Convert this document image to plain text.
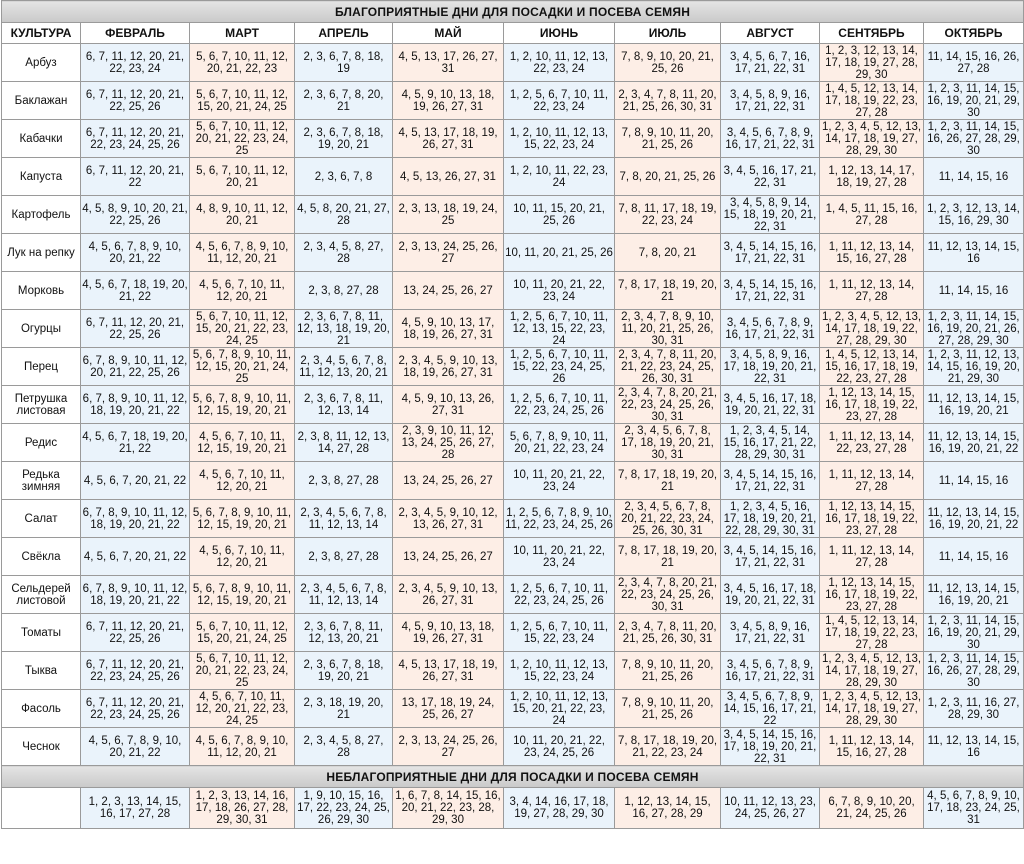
БЛАГОПРИЯТНЫЕ ДНИ ДЛЯ ПОСАДКИ И ПОСЕВА СЕМЯН									
КУЛЬТУРА	ФЕВРАЛЬ	МАРТ	АПРЕЛЬ	МАЙ	ИЮНЬ	ИЮЛЬ	АВГУСТ	СЕНТЯБРЬ	ОКТЯБРЬ
Арбуз	6, 7, 11, 12, 20, 21, 22, 23, 24	5, 6, 7, 10, 11, 12, 20, 21, 22, 23	2, 3, 6, 7, 8, 18, 19	4, 5, 13, 17, 26, 27, 31	1, 2, 10, 11, 12, 13, 22, 23, 24	7, 8, 9, 10, 20, 21, 25, 26	3, 4, 5, 6, 7, 16, 17, 21, 22, 31	1, 2, 3, 12, 13, 14, 17, 18, 19, 27, 28, 29, 30	11, 14, 15, 16, 26, 27, 28
Баклажан	6, 7, 11, 12, 20, 21, 22, 25, 26	5, 6, 7, 10, 11, 12, 15, 20, 21, 24, 25	2, 3, 6, 7, 8, 20, 21	4, 5, 9, 10, 13, 18, 19, 26, 27, 31	1, 2, 5, 6, 7, 10, 11, 22, 23, 24	2, 3, 4, 7, 8, 11, 20, 21, 25, 26, 30, 31	3, 4, 5, 8, 9, 16, 17, 21, 22, 31	1, 4, 5, 12, 13, 14, 17, 18, 19, 22, 23, 27, 28	1, 2, 3, 11, 14, 15, 16, 19, 20, 21, 29, 30
Кабачки	6, 7, 11, 12, 20, 21, 22, 23, 24, 25, 26	5, 6, 7, 10, 11, 12, 20, 21, 22, 23, 24, 25	2, 3, 6, 7, 8, 18, 19, 20, 21	4, 5, 13, 17, 18, 19, 26, 27, 31	1, 2, 10, 11, 12, 13, 15, 22, 23, 24	7, 8, 9, 10, 11, 20, 21, 25, 26	3, 4, 5, 6, 7, 8, 9, 16, 17, 21, 22, 31	1, 2, 3, 4, 5, 12, 13, 14, 17, 18, 19, 27, 28, 29, 30	1, 2, 3, 11, 14, 15, 16, 26, 27, 28, 29, 30
Капуста	6, 7, 11, 12, 20, 21, 22	5, 6, 7, 10, 11, 12, 20, 21	2, 3, 6, 7, 8	4, 5, 13, 26, 27, 31	1, 2, 10, 11, 22, 23, 24	7, 8, 20, 21, 25, 26	3, 4, 5, 16, 17, 21, 22, 31	1, 12, 13, 14, 17, 18, 19, 27, 28	11, 14, 15, 16
Картофель	4, 5, 8, 9, 10, 20, 21, 22, 25, 26	4, 8, 9, 10, 11, 12, 20, 21	4, 5, 8, 20, 21, 27, 28	2, 3, 13, 18, 19, 24, 25	10, 11, 15, 20, 21, 25, 26	7, 8, 11, 17, 18, 19, 22, 23, 24	3, 4, 5, 8, 9, 14, 15, 18, 19, 20, 21, 22, 31	1, 4, 5, 11, 15, 16, 27, 28	1, 2, 3, 12, 13, 14, 15, 16, 29, 30
Лук на репку	4, 5, 6, 7, 8, 9, 10, 20, 21, 22	4, 5, 6, 7, 8, 9, 10, 11, 12, 20, 21	2, 3, 4, 5, 8, 27, 28	2, 3, 13, 24, 25, 26, 27	10, 11, 20, 21, 25, 26	7, 8, 20, 21	3, 4, 5, 14, 15, 16, 17, 21, 22, 31	1, 11, 12, 13, 14, 15, 16, 27, 28	11, 12, 13, 14, 15, 16
Морковь	4, 5, 6, 7, 18, 19, 20, 21, 22	4, 5, 6, 7, 10, 11, 12, 20, 21	2, 3, 8, 27, 28	13, 24, 25, 26, 27	10, 11, 20, 21, 22, 23, 24	7, 8, 17, 18, 19, 20, 21	3, 4, 5, 14, 15, 16, 17, 21, 22, 31	1, 11, 12, 13, 14, 27, 28	11, 14, 15, 16
Огурцы	6, 7, 11, 12, 20, 21, 22, 25, 26	5, 6, 7, 10, 11, 12, 15, 20, 21, 22, 23, 24, 25	2, 3, 6, 7, 8, 11, 12, 13, 18, 19, 20, 21	4, 5, 9, 10, 13, 17, 18, 19, 26, 27, 31	1, 2, 5, 6, 7, 10, 11, 12, 13, 15, 22, 23, 24	2, 3, 4, 7, 8, 9, 10, 11, 20, 21, 25, 26, 30, 31	3, 4, 5, 6, 7, 8, 9, 16, 17, 21, 22, 31	1, 2, 3, 4, 5, 12, 13, 14, 17, 18, 19, 22, 27, 28, 29, 30	1, 2, 3, 11, 14, 15, 16, 19, 20, 21, 26, 27, 28, 29, 30
Перец	6, 7, 8, 9, 10, 11, 12, 20, 21, 22, 25, 26	5, 6, 7, 8, 9, 10, 11, 12, 15, 20, 21, 24, 25	2, 3, 4, 5, 6, 7, 8, 11, 12, 13, 20, 21	2, 3, 4, 5, 9, 10, 13, 18, 19, 26, 27, 31	1, 2, 5, 6, 7, 10, 11, 15, 22, 23, 24, 25, 26	2, 3, 4, 7, 8, 11, 20, 21, 22, 23, 24, 25, 26, 30, 31	3, 4, 5, 8, 9, 16, 17, 18, 19, 20, 21, 22, 31	1, 4, 5, 12, 13, 14, 15, 16, 17, 18, 19, 22, 23, 27, 28	1, 2, 3, 11, 12, 13, 14, 15, 16, 19, 20, 21, 29, 30
Петрушка листовая	6, 7, 8, 9, 10, 11, 12, 18, 19, 20, 21, 22	5, 6, 7, 8, 9, 10, 11, 12, 15, 19, 20, 21	2, 3, 6, 7, 8, 11, 12, 13, 14	4, 5, 9, 10, 13, 26, 27, 31	1, 2, 5, 6, 7, 10, 11, 22, 23, 24, 25, 26	2, 3, 4, 7, 8, 20, 21, 22, 23, 24, 25, 26, 30, 31	3, 4, 5, 16, 17, 18, 19, 20, 21, 22, 31	1, 12, 13, 14, 15, 16, 17, 18, 19, 22, 23, 27, 28	11, 12, 13, 14, 15, 16, 19, 20, 21
Редис	4, 5, 6, 7, 18, 19, 20, 21, 22	4, 5, 6, 7, 10, 11, 12, 15, 19, 20, 21	2, 3, 8, 11, 12, 13, 14, 27, 28	2, 3, 9, 10, 11, 12, 13, 24, 25, 26, 27, 28	5, 6, 7, 8, 9, 10, 11, 20, 21, 22, 23, 24	2, 3, 4, 5, 6, 7, 8, 17, 18, 19, 20, 21, 30, 31	1, 2, 3, 4, 5, 14, 15, 16, 17, 21, 22, 28, 29, 30, 31	1, 11, 12, 13, 14, 22, 23, 27, 28	11, 12, 13, 14, 15, 16, 19, 20, 21, 22
Редька зимняя	4, 5, 6, 7, 20, 21, 22	4, 5, 6, 7, 10, 11, 12, 20, 21	2, 3, 8, 27, 28	13, 24, 25, 26, 27	10, 11, 20, 21, 22, 23, 24	7, 8, 17, 18, 19, 20, 21	3, 4, 5, 14, 15, 16, 17, 21, 22, 31	1, 11, 12, 13, 14, 27, 28	11, 14, 15, 16
Салат	6, 7, 8, 9, 10, 11, 12, 18, 19, 20, 21, 22	5, 6, 7, 8, 9, 10, 11, 12, 15, 19, 20, 21	2, 3, 4, 5, 6, 7, 8, 11, 12, 13, 14	2, 3, 4, 5, 9, 10, 12, 13, 26, 27, 31	1, 2, 5, 6, 7, 8, 9, 10, 11, 22, 23, 24, 25, 26	2, 3, 4, 5, 6, 7, 8, 20, 21, 22, 23, 24, 25, 26, 30, 31	1, 2, 3, 4, 5, 16, 17, 18, 19, 20, 21, 22, 28, 29, 30, 31	1, 12, 13, 14, 15, 16, 17, 18, 19, 22, 23, 27, 28	11, 12, 13, 14, 15, 16, 19, 20, 21, 22
Свёкла	4, 5, 6, 7, 20, 21, 22	4, 5, 6, 7, 10, 11, 12, 20, 21	2, 3, 8, 27, 28	13, 24, 25, 26, 27	10, 11, 20, 21, 22, 23, 24	7, 8, 17, 18, 19, 20, 21	3, 4, 5, 14, 15, 16, 17, 21, 22, 31	1, 11, 12, 13, 14, 27, 28	11, 14, 15, 16
Сельдерей листовой	6, 7, 8, 9, 10, 11, 12, 18, 19, 20, 21, 22	5, 6, 7, 8, 9, 10, 11, 12, 15, 19, 20, 21	2, 3, 4, 5, 6, 7, 8, 11, 12, 13, 14	2, 3, 4, 5, 9, 10, 13, 26, 27, 31	1, 2, 5, 6, 7, 10, 11, 22, 23, 24, 25, 26	2, 3, 4, 7, 8, 20, 21, 22, 23, 24, 25, 26, 30, 31	3, 4, 5, 16, 17, 18, 19, 20, 21, 22, 31	1, 12, 13, 14, 15, 16, 17, 18, 19, 22, 23, 27, 28	11, 12, 13, 14, 15, 16, 19, 20, 21
Томаты	6, 7, 11, 12, 20, 21, 22, 25, 26	5, 6, 7, 10, 11, 12, 15, 20, 21, 24, 25	2, 3, 6, 7, 8, 11, 12, 13, 20, 21	4, 5, 9, 10, 13, 18, 19, 26, 27, 31	1, 2, 5, 6, 7, 10, 11, 15, 22, 23, 24	2, 3, 4, 7, 8, 11, 20, 21, 25, 26, 30, 31	3, 4, 5, 8, 9, 16, 17, 21, 22, 31	1, 4, 5, 12, 13, 14, 17, 18, 19, 22, 23, 27, 28	1, 2, 3, 11, 14, 15, 16, 19, 20, 21, 29, 30
Тыква	6, 7, 11, 12, 20, 21, 22, 23, 24, 25, 26	5, 6, 7, 10, 11, 12, 20, 21, 22, 23, 24, 25	2, 3, 6, 7, 8, 18, 19, 20, 21	4, 5, 13, 17, 18, 19, 26, 27, 31	1, 2, 10, 11, 12, 13, 15, 22, 23, 24	7, 8, 9, 10, 11, 20, 21, 25, 26	3, 4, 5, 6, 7, 8, 9, 16, 17, 21, 22, 31	1, 2, 3, 4, 5, 12, 13, 14, 17, 18, 19, 27, 28, 29, 30	1, 2, 3, 11, 14, 15, 16, 26, 27, 28, 29, 30
Фасоль	6, 7, 11, 12, 20, 21, 22, 23, 24, 25, 26	4, 5, 6, 7, 10, 11, 12, 20, 21, 22, 23, 24, 25	2, 3, 18, 19, 20, 21	13, 17, 18, 19, 24, 25, 26, 27	1, 2, 10, 11, 12, 13, 15, 20, 21, 22, 23, 24	7, 8, 9, 10, 11, 20, 21, 25, 26	3, 4, 5, 6, 7, 8, 9, 14, 15, 16, 17, 21, 22	1, 2, 3, 4, 5, 12, 13, 14, 17, 18, 19, 27, 28, 29, 30	1, 2, 3, 11, 16, 27, 28, 29, 30
Чеснок	4, 5, 6, 7, 8, 9, 10, 20, 21, 22	4, 5, 6, 7, 8, 9, 10, 11, 12, 20, 21	2, 3, 4, 5, 8, 27, 28	2, 3, 13, 24, 25, 26, 27	10, 11, 20, 21, 22, 23, 24, 25, 26	7, 8, 17, 18, 19, 20, 21, 22, 23, 24	3, 4, 5, 14, 15, 16, 17, 18, 19, 20, 21, 22, 31	1, 11, 12, 13, 14, 15, 16, 27, 28	11, 12, 13, 14, 15, 16
НЕБЛАГОПРИЯТНЫЕ ДНИ ДЛЯ ПОСАДКИ И ПОСЕВА СЕМЯН									
	1, 2, 3, 13, 14, 15, 16, 17, 27, 28	1, 2, 3, 13, 14, 16, 17, 18, 26, 27, 28, 29, 30, 31	1, 9, 10, 15, 16, 17, 22, 23, 24, 25, 26, 29, 30	1, 6, 7, 8, 14, 15, 16, 20, 21, 22, 23, 28, 29, 30	3, 4, 14, 16, 17, 18, 19, 27, 28, 29, 30	1, 12, 13, 14, 15, 16, 27, 28, 29	10, 11, 12, 13, 23, 24, 25, 26, 27	6, 7, 8, 9, 10, 20, 21, 24, 25, 26	4, 5, 6, 7, 8, 9, 10, 17, 18, 23, 24, 25, 31
